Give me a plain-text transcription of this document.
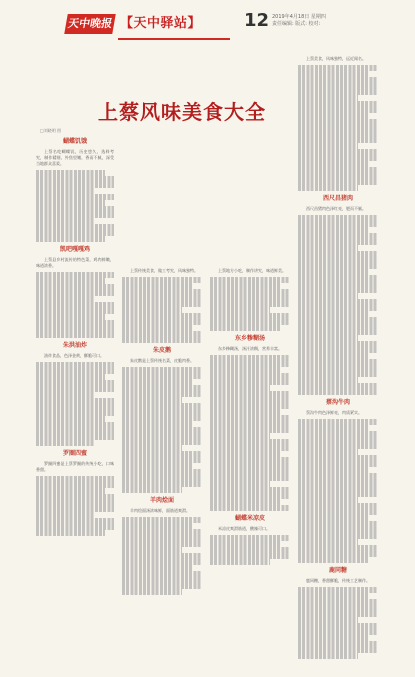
天中晚报 【天中驿站】 12 2019年4月18日 星期四
责任编辑: 版式: 校对:
上蔡风味美食大全
□刘晓明 图
蝴蝶饥饿

上蔡名吃蝴蝶饥，历史悠久，选料考究，制作精细，外焦里嫩，香而不腻，深受当地群众喜爱。

凯吧嘎嘎鸡

上蔡县乡村流传的特色菜，鸡肉鲜嫩，味道浓香。

朱洪油炸

油炸食品，色泽金黄，酥脆可口。

罗圈四蜜

罗圈四蜜是上蔡罗圈的传统小吃，口味香甜。

上蔡传统美食，做工考究，风味独特。

朱皮鹅

朱皮鹅是上蔡传统名菜，皮脆肉香。

羊肉烩面

羊肉烩面汤浓味鲜，面筋道爽滑。

上蔡地方小吃，制作讲究，味道鲜美。

东乡糁糊汤

东乡糁糊汤，汤汁浓稠，营养丰富。

蝴蝶米凉皮

米凉皮爽滑筋道，酸辣可口。

上蔡美食，风味独特，远近闻名。

西尺昌猪肉

西尺昌猪肉色泽红亮，肥而不腻。

蔡沟牛肉

蔡沟牛肉色泽鲜亮，肉质紧实。

鹿同糖

鹿同糖，香甜酥脆，传统工艺制作。
